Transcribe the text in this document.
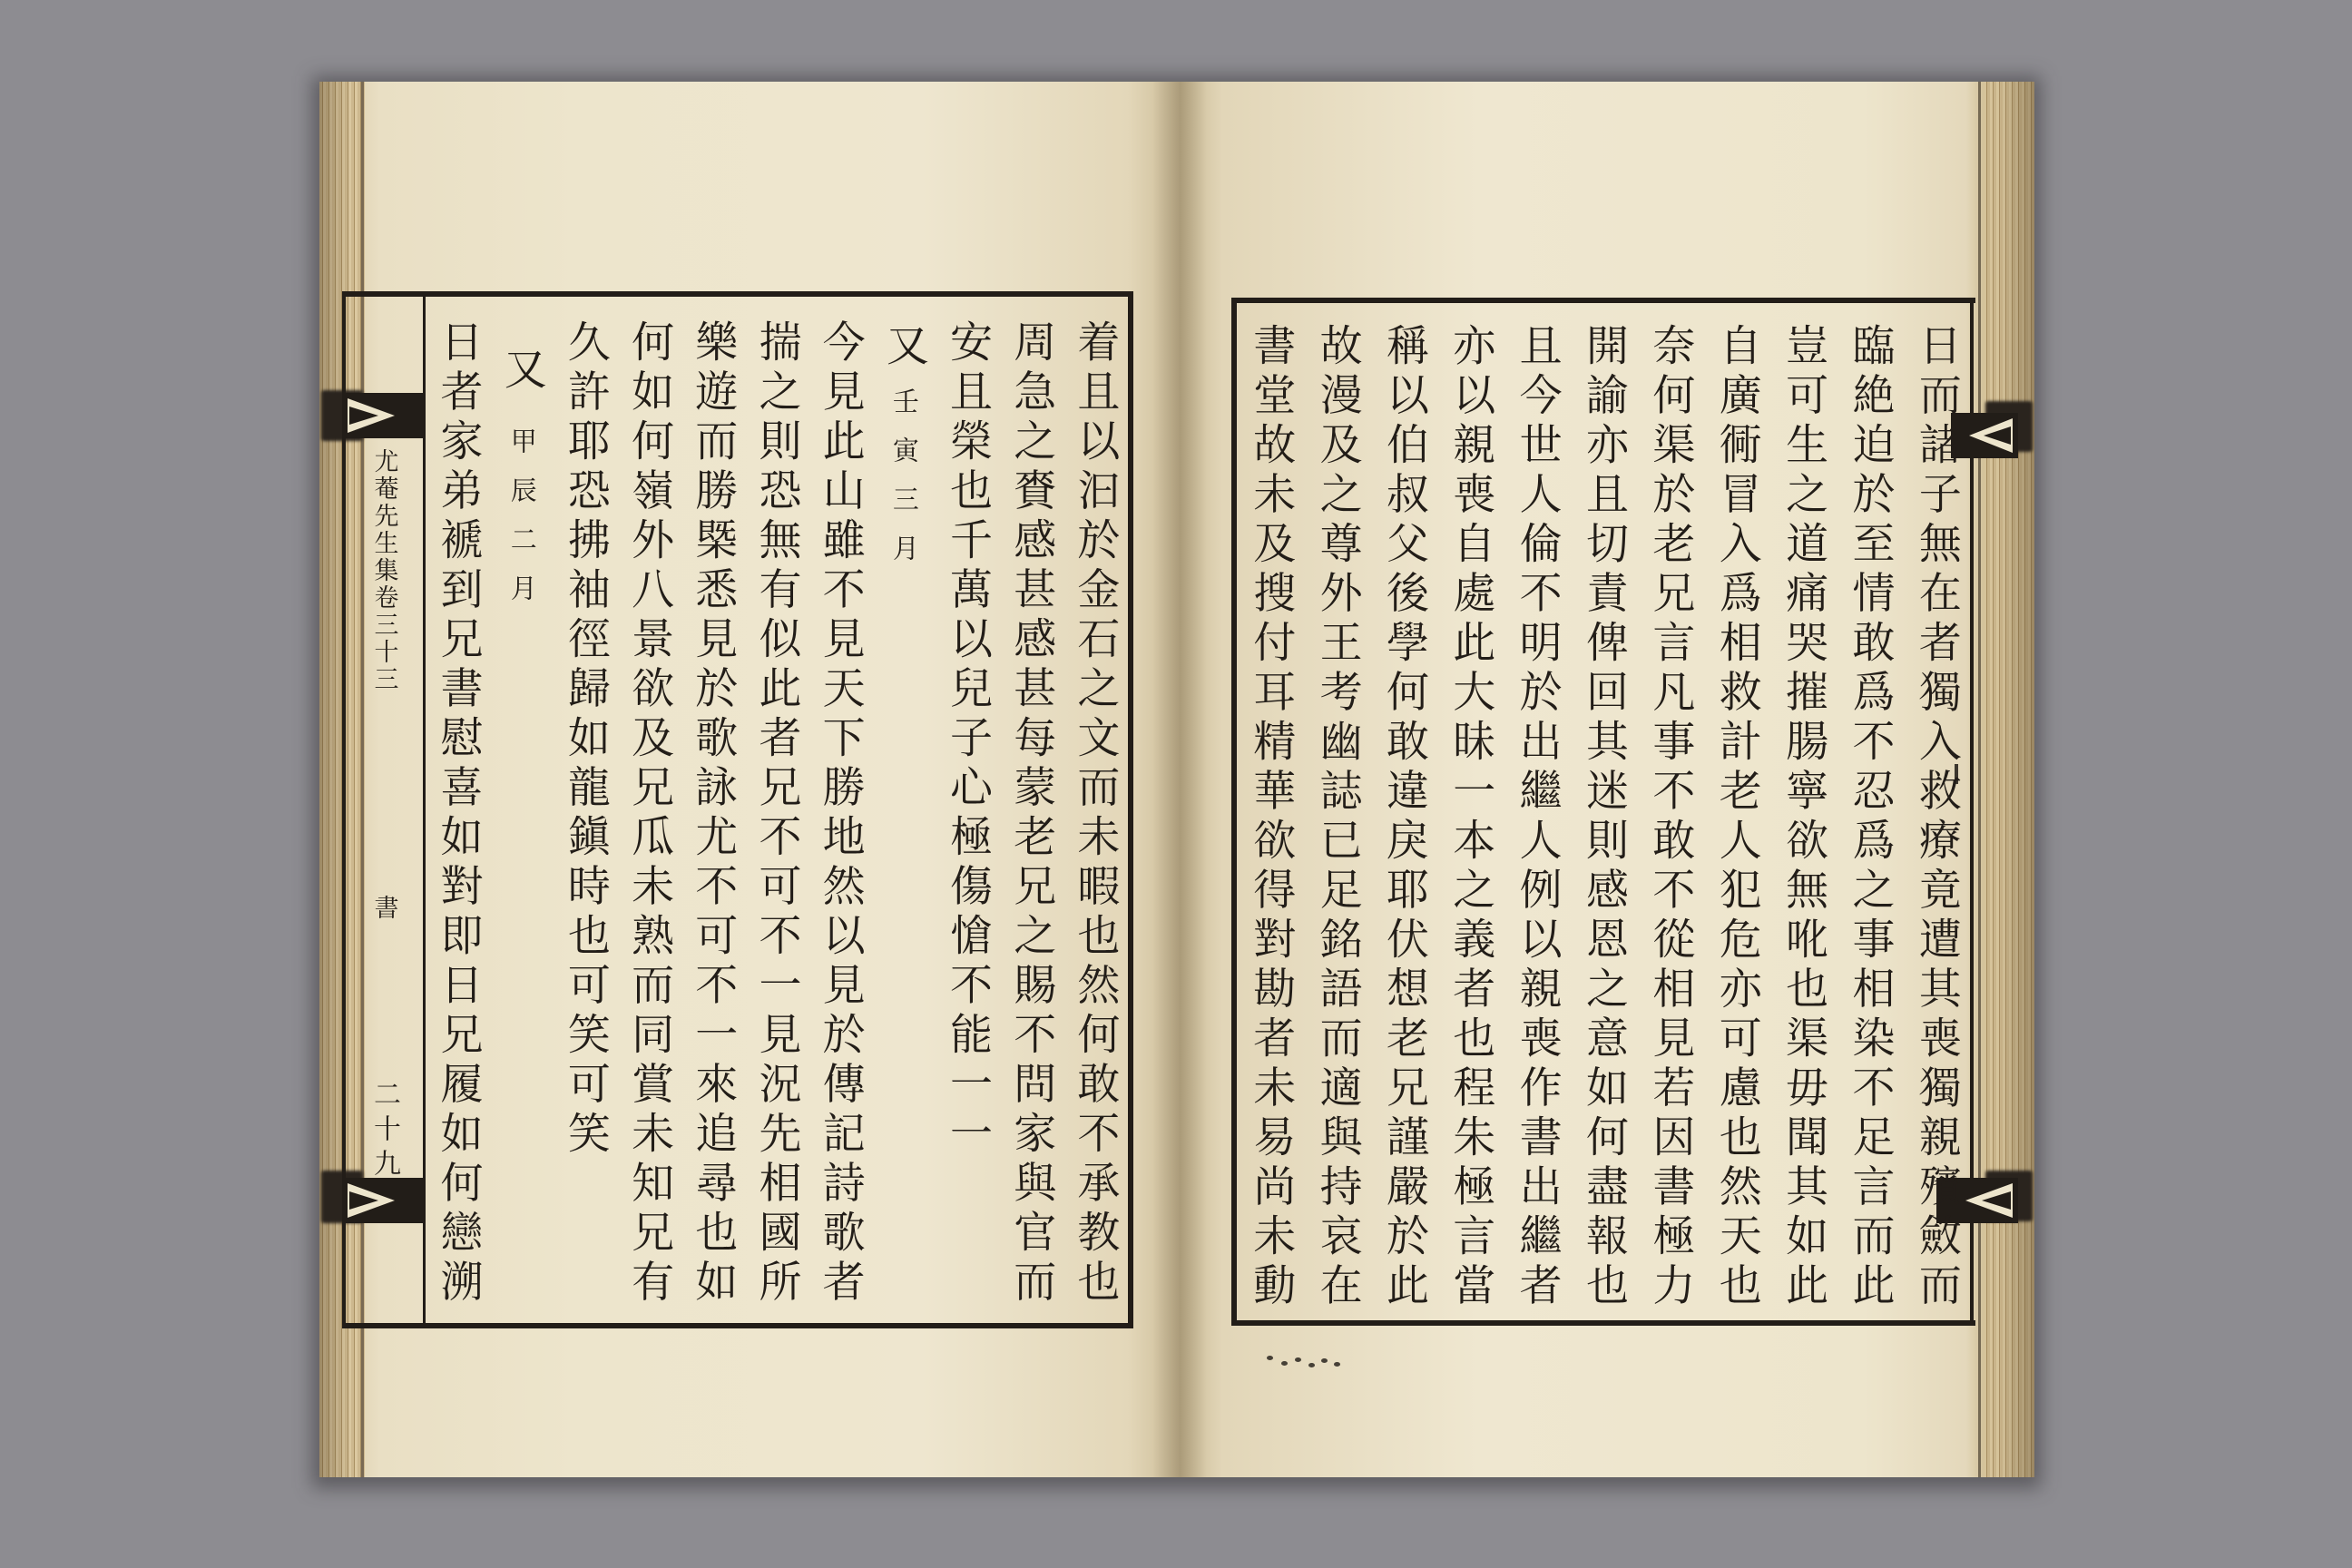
尤菴先生集卷三十三
書
二十九	着且以汩於金石之文而未暇也然何敢不承教也
周急之賚感甚感甚每蒙老兄之賜不問家與官而
安且榮也千萬以兒子心極傷愴不能一一
又
壬寅三月
今見此山雖不見天下勝地然以見於傳記詩歌者
揣之則恐無有似此者兄不可不一見況先相國所
樂遊而勝槩悉見於歌詠尤不可不一來追尋也如
何如何嶺外八景欲及兄瓜未熟而同賞未知兄有
久許耶恐拂袖徑歸如龍鎭時也可笑可笑
又
甲辰二月
日者家弟褫到兄書慰喜如對即日兄履如何戀溯	日而諸子無在者獨入救療竟遭其喪獨親殯斂而
臨絶迫於至情敢爲不忍爲之事相染不足言而此
豈可生之道痛哭摧腸寧欲無吪也渠毋聞其如此
自廣衕冒入爲相救計老人犯危亦可慮也然天也
奈何渠於老兄言凡事不敢不從相見若因書極力
開諭亦且切責俾回其迷則感恩之意如何盡報也
且今世人倫不明於出繼人例以親喪作書出繼者
亦以親喪自處此大昧一本之義者也程朱極言當
稱以伯叔父後學何敢違戾耶伏想老兄謹嚴於此
故漫及之尊外王考幽誌已足銘語而適與持哀在
書堂故未及搜付耳精華欲得對勘者未易尚未動
